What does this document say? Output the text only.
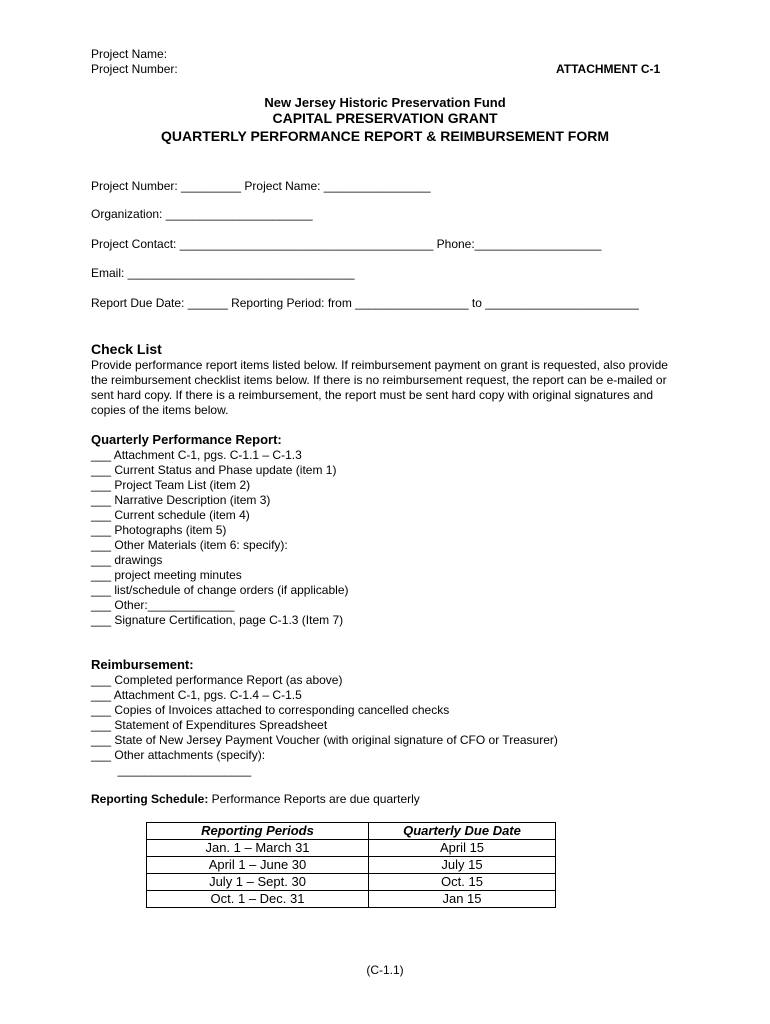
Project Name:
Project Number:	ATTACHMENT C-1
New Jersey Historic Preservation Fund
CAPITAL PRESERVATION GRANT
QUARTERLY PERFORMANCE REPORT & REIMBURSEMENT FORM
Project Number: _________ Project Name: ________________
Organization: ______________________
Project Contact: ______________________________________ Phone:___________________
Email: __________________________________
Report Due Date: ______ Reporting Period: from _________________ to _______________________
Check List
Provide performance report items listed below. If reimbursement payment on grant is requested, also provide the reimbursement checklist items below. If there is no reimbursement request, the report can be e-mailed or sent hard copy. If there is a reimbursement, the report must be sent hard copy with original signatures and copies of the items below.
Quarterly Performance Report:
___ Attachment C-1, pgs. C-1.1 – C-1.3
___ Current Status and Phase update (item 1)
___ Project Team List (item 2)
___ Narrative Description (item 3)
___ Current schedule (item 4)
___ Photographs (item 5)
___ Other Materials (item 6: specify):
___ drawings
___ project meeting minutes
___ list/schedule of change orders (if applicable)
___ Other:_____________
___ Signature Certification, page C-1.3 (Item 7)
Reimbursement:
___ Completed performance Report (as above)
___ Attachment C-1, pgs. C-1.4 – C-1.5
___ Copies of Invoices attached to corresponding cancelled checks
___ Statement of Expenditures Spreadsheet
___ State of New Jersey Payment Voucher (with original signature of CFO or Treasurer)
___ Other attachments (specify):
____________________
Reporting Schedule: Performance Reports are due quarterly
Reporting Periods	Quarterly Due Date
Jan. 1 – March 31	April 15
April 1 – June 30	July 15
July 1 – Sept. 30	Oct. 15
Oct. 1 – Dec. 31	Jan 15
(C-1.1)
